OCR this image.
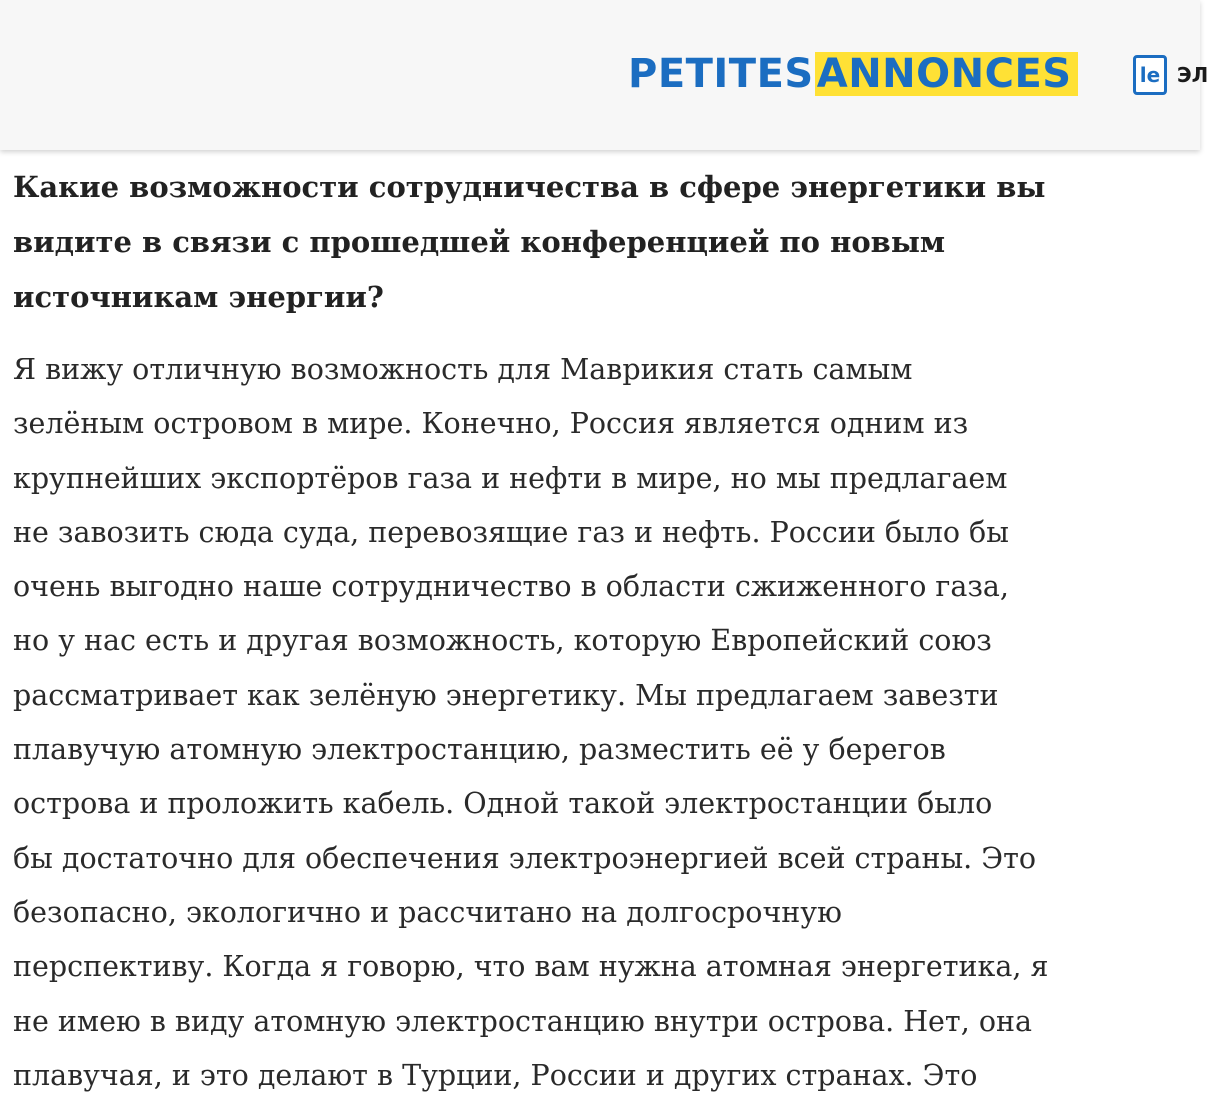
PETITES ANNONCES	le ЭЛ
Какие возможности сотрудничества в сфере энергетики вы
видите в связи с прошедшей конференцией по новым
источникам энергии?

Я вижу отличную возможность для Маврикия стать самым
зелёным островом в мире. Конечно, Россия является одним из
крупнейших экспортёров газа и нефти в мире, но мы предлагаем
не завозить сюда суда, перевозящие газ и нефть. России было бы
очень выгодно наше сотрудничество в области сжиженного газа,
но у нас есть и другая возможность, которую Европейский союз
рассматривает как зелёную энергетику. Мы предлагаем завезти
плавучую атомную электростанцию, разместить её у берегов
острова и проложить кабель. Одной такой электростанции было
бы достаточно для обеспечения электроэнергией всей страны. Это
безопасно, экологично и рассчитано на долгосрочную
перспективу. Когда я говорю, что вам нужна атомная энергетика, я
не имею в виду атомную электростанцию внутри острова. Нет, она
плавучая, и это делают в Турции, России и других странах. Это
